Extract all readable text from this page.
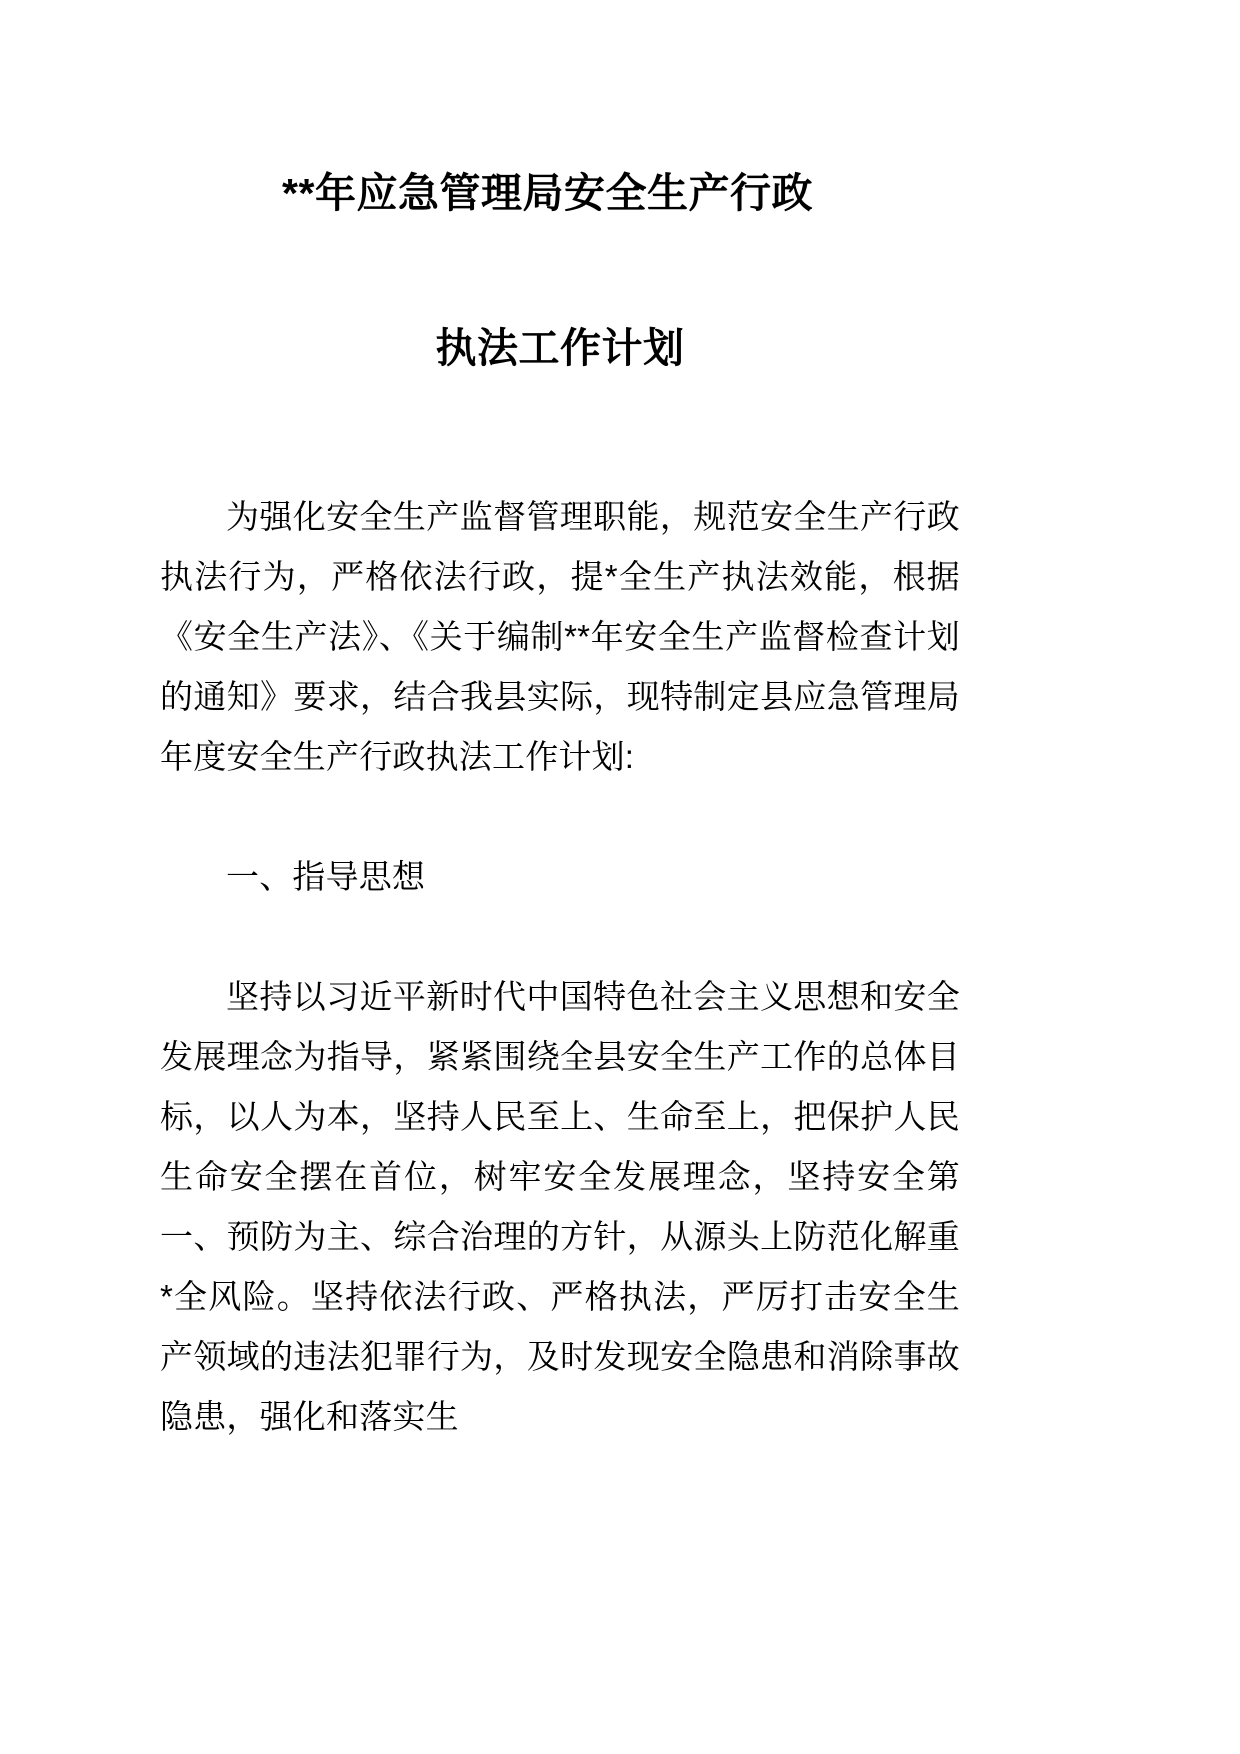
**年应急管理局安全生产行政
执法工作计划

为强化安全生产监督管理职能，规范安全生产行政执法行为，严格依法行政，提*全生产执法效能，根据《安全生产法》、《关于编制**年安全生产监督检查计划的通知》要求，结合我县实际，现特制定县应急管理局年度安全生产行政执法工作计划:

一、指导思想

坚持以习近平新时代中国特色社会主义思想和安全发展理念为指导，紧紧围绕全县安全生产工作的总体目标，以人为本，坚持人民至上、生命至上，把保护人民生命安全摆在首位，树牢安全发展理念，坚持安全第一、预防为主、综合治理的方针，从源头上防范化解重*全风险。坚持依法行政、严格执法，严厉打击安全生产领域的违法犯罪行为，及时发现安全隐患和消除事故隐患，强化和落实生
